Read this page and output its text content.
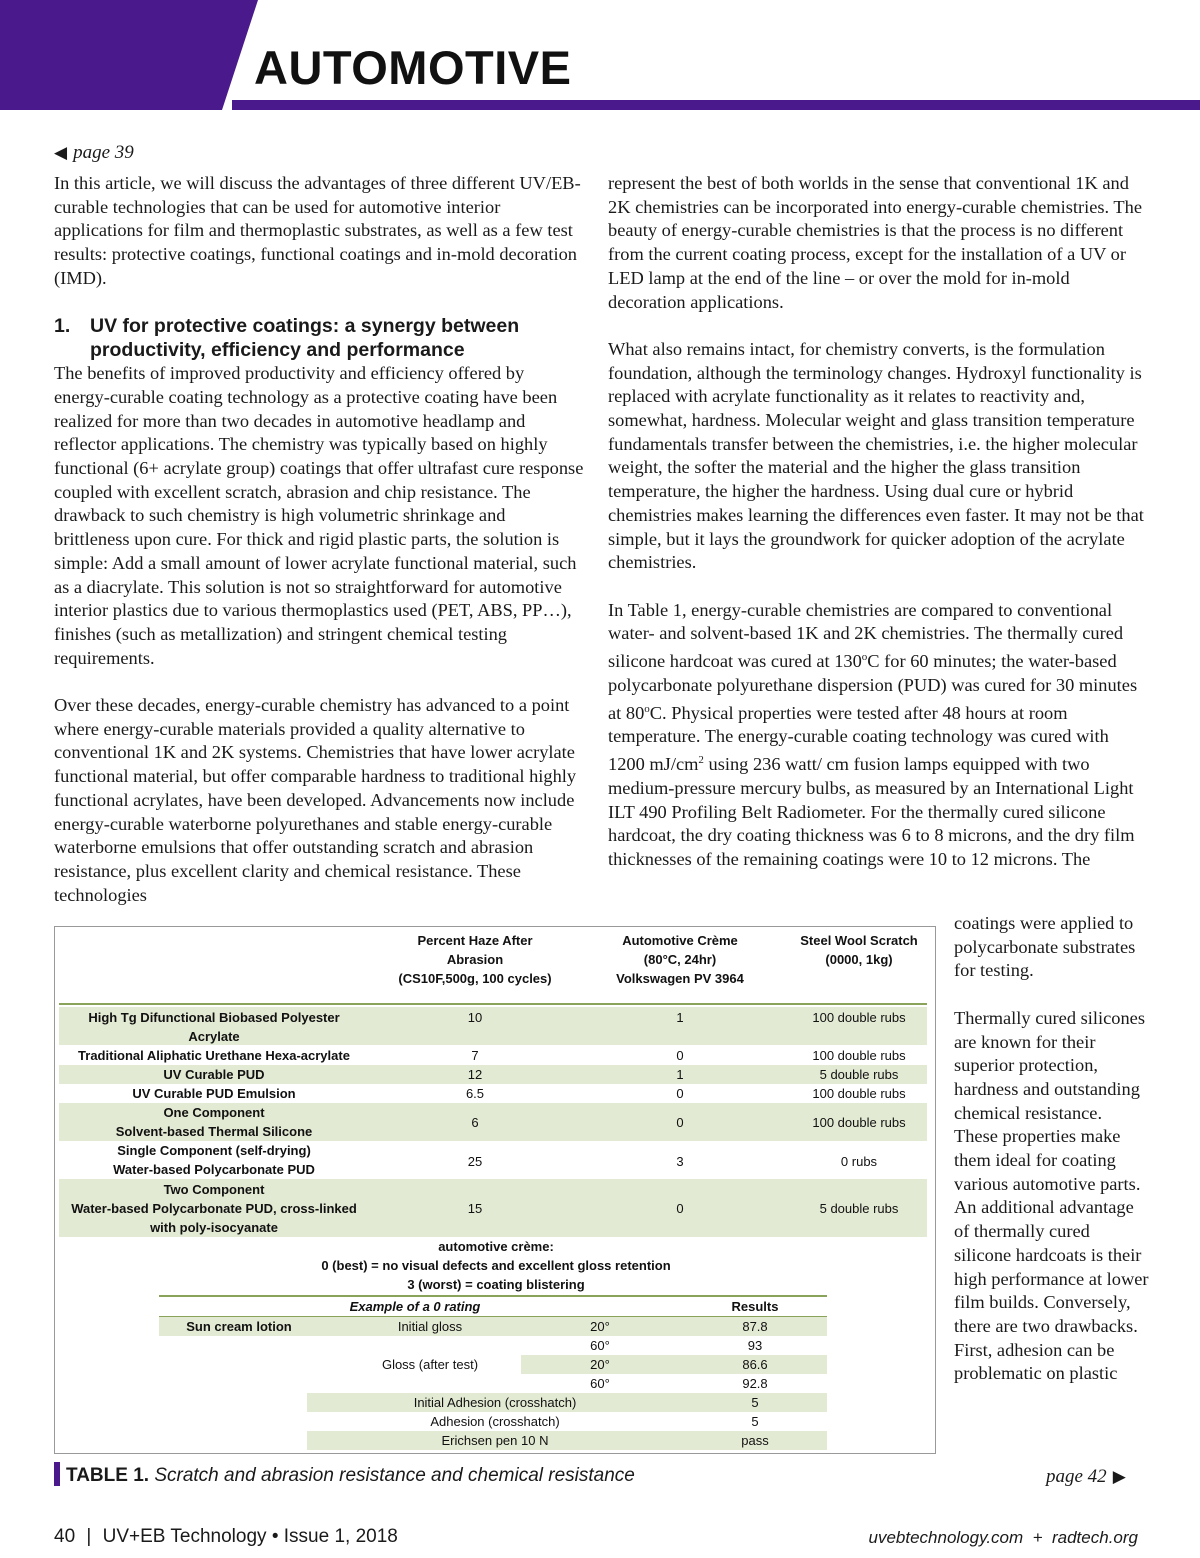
AUTOMOTIVE
◀ page 39

In this article, we will discuss the advantages of three different UV/EB-curable technologies that can be used for automotive interior applications for film and thermoplastic substrates, as well as a few test results: protective coatings, functional coatings and in-mold decoration (IMD).

1. UV for protective coatings: a synergy between productivity, efficiency and performance

The benefits of improved productivity and efficiency offered by energy-curable coating technology as a protective coating have been realized for more than two decades in automotive headlamp and reflector applications. The chemistry was typically based on highly functional (6+ acrylate group) coatings that offer ultrafast cure response coupled with excellent scratch, abrasion and chip resistance. The drawback to such chemistry is high volumetric shrinkage and brittleness upon cure. For thick and rigid plastic parts, the solution is simple: Add a small amount of lower acrylate functional material, such as a diacrylate. This solution is not so straightforward for automotive interior plastics due to various thermoplastics used (PET, ABS, PP…), finishes (such as metallization) and stringent chemical testing requirements.

Over these decades, energy-curable chemistry has advanced to a point where energy-curable materials provided a quality alternative to conventional 1K and 2K systems. Chemistries that have lower acrylate functional material, but offer comparable hardness to traditional highly functional acrylates, have been developed. Advancements now include energy-curable waterborne polyurethanes and stable energy-curable waterborne emulsions that offer outstanding scratch and abrasion resistance, plus excellent clarity and chemical resistance. These technologies

represent the best of both worlds in the sense that conventional 1K and 2K chemistries can be incorporated into energy-curable chemistries. The beauty of energy-curable chemistries is that the process is no different from the current coating process, except for the installation of a UV or LED lamp at the end of the line – or over the mold for in-mold decoration applications.

What also remains intact, for chemistry converts, is the formulation foundation, although the terminology changes. Hydroxyl functionality is replaced with acrylate functionality as it relates to reactivity and, somewhat, hardness. Molecular weight and glass transition temperature fundamentals transfer between the chemistries, i.e. the higher molecular weight, the softer the material and the higher the glass transition temperature, the higher the hardness. Using dual cure or hybrid chemistries makes learning the differences even faster. It may not be that simple, but it lays the groundwork for quicker adoption of the acrylate chemistries.

In Table 1, energy-curable chemistries are compared to conventional water- and solvent-based 1K and 2K chemistries. The thermally cured silicone hardcoat was cured at 130$^o$C for 60 minutes; the water-based polycarbonate polyurethane dispersion (PUD) was cured for 30 minutes at 80$^o$C. Physical properties were tested after 48 hours at room temperature. The energy-curable coating technology was cured with 1200 $mJ/cm^2$ using 236 watt/ cm fusion lamps equipped with two medium-pressure mercury bulbs, as measured by an International Light ILT 490 Profiling Belt Radiometer. For the thermally cured silicone hardcoat, the dry coating thickness was 6 to 8 microns, and the dry film thicknesses of the remaining coatings were 10 to 12 microns. The

coatings were applied to polycarbonate substrates for testing.

Thermally cured silicones are known for their superior protection, hardness and outstanding chemical resistance. These properties make them ideal for coating various automotive parts. An additional advantage of thermally cured silicone hardcoats is their high performance at lower film builds. Conversely, there are two drawbacks. First, adhesion can be problematic on plastic

Percent Haze After
Abrasion
(CS10F,500g, 100 cycles)
Automotive Crème
(80°C, 24hr)
Volkswagen PV 3964
Steel Wool Scratch
(0000, 1kg)
High Tg Difunctional Biobased Polyester
Acrylate
10	1	100 double rubs
Traditional Aliphatic Urethane Hexa-acrylate	7	0	100 double rubs
UV Curable PUD	12	1	5 double rubs
UV Curable PUD Emulsion	6.5	0	100 double rubs
One Component
Solvent-based Thermal Silicone
6	0	100 double rubs
Single Component (self-drying)
Water-based Polycarbonate PUD
25	3	0 rubs
Two Component
Water-based Polycarbonate PUD, cross-linked
with poly-isocyanate
15	0	5 double rubs
automotive crème:
0 (best) = no visual defects and excellent gloss retention
3 (worst) = coating blistering
Example of a 0 rating	Results
Sun cream lotion	Initial gloss	20°	87.8
60°	93
Gloss (after test)	20°	86.6
60°	92.8
Initial Adhesion (crosshatch)	5
Adhesion (crosshatch)	5
Erichsen pen 10 N	pass
TABLE 1. Scratch and abrasion resistance and chemical resistance	page 42 ▶
40 | UV+EB Technology • Issue 1, 2018	uvebtechnology.com  +  radtech.org
